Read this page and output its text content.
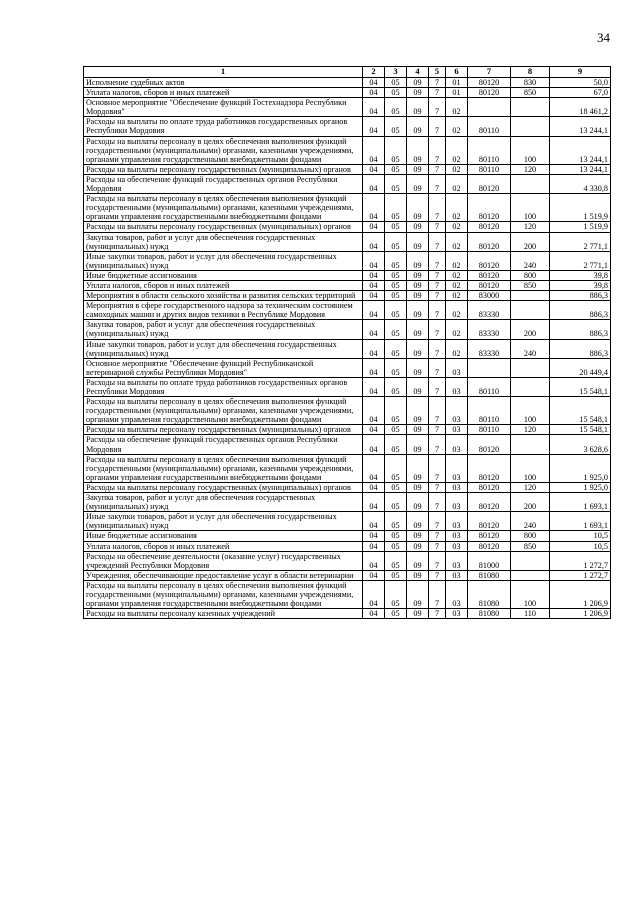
34
1	2	3	4	5	6	7	8	9
Исполнение судебных актов	04	05	09	7	01	80120	830	50,0
Уплата налогов, сборов и иных платежей	04	05	09	7	01	80120	850	67,0
Основное мероприятие "Обеспечение функций Гостехнадзора Республики Мордовия"	04	05	09	7	02			18 461,2
Расходы на выплаты по оплате труда работников государственных органов Республики Мордовия	04	05	09	7	02	80110		13 244,1
Расходы на выплаты персоналу в целях обеспечения выполнения функций государственными (муниципальными) органами, казенными учреждениями, органами управления государственными внебюджетными фондами	04	05	09	7	02	80110	100	13 244,1
Расходы на выплаты персоналу государственных (муниципальных) органов	04	05	09	7	02	80110	120	13 244,1
Расходы на обеспечение функций государственных органов Республики Мордовия	04	05	09	7	02	80120		4 330,8
Расходы на выплаты персоналу в целях обеспечения выполнения функций государственными (муниципальными) органами, казенными учреждениями, органами управления государственными внебюджетными фондами	04	05	09	7	02	80120	100	1 519,9
Расходы на выплаты персоналу государственных (муниципальных) органов	04	05	09	7	02	80120	120	1 519,9
Закупка товаров, работ и услуг для обеспечения государственных (муниципальных) нужд	04	05	09	7	02	80120	200	2 771,1
Иные закупки товаров, работ и услуг для обеспечения государственных (муниципальных) нужд	04	05	09	7	02	80120	240	2 771,1
Иные бюджетные ассигнования	04	05	09	7	02	80120	800	39,8
Уплата налогов, сборов и иных платежей	04	05	09	7	02	80120	850	39,8
Мероприятия в области сельского хозяйства и развития сельских территорий	04	05	09	7	02	83000		886,3
Мероприятия в сфере государственного надзора за техническим состоянием самоходных машин и других видов техники в Республике Мордовия	04	05	09	7	02	83330		886,3
Закупка товаров, работ и услуг для обеспечения государственных (муниципальных) нужд	04	05	09	7	02	83330	200	886,3
Иные закупки товаров, работ и услуг для обеспечения государственных (муниципальных) нужд	04	05	09	7	02	83330	240	886,3
Основное мероприятие "Обеспечение функций Республиканской ветеринарной службы Республики Мордовия"	04	05	09	7	03			20 449,4
Расходы на выплаты по оплате труда работников государственных органов Республики Мордовия	04	05	09	7	03	80110		15 548,1
Расходы на выплаты персоналу в целях обеспечения выполнения функций государственными (муниципальными) органами, казенными учреждениями, органами управления государственными внебюджетными фондами	04	05	09	7	03	80110	100	15 548,1
Расходы на выплаты персоналу государственных (муниципальных) органов	04	05	09	7	03	80110	120	15 548,1
Расходы на обеспечение функций государственных органов Республики Мордовия	04	05	09	7	03	80120		3 628,6
Расходы на выплаты персоналу в целях обеспечения выполнения функций государственными (муниципальными) органами, казенными учреждениями, органами управления государственными внебюджетными фондами	04	05	09	7	03	80120	100	1 925,0
Расходы на выплаты персоналу государственных (муниципальных) органов	04	05	09	7	03	80120	120	1 925,0
Закупка товаров, работ и услуг для обеспечения государственных (муниципальных) нужд	04	05	09	7	03	80120	200	1 693,1
Иные закупки товаров, работ и услуг для обеспечения государственных (муниципальных) нужд	04	05	09	7	03	80120	240	1 693,1
Иные бюджетные ассигнования	04	05	09	7	03	80120	800	10,5
Уплата налогов, сборов и иных платежей	04	05	09	7	03	80120	850	10,5
Расходы на обеспечение деятельности (оказание услуг) государственных учреждений Республики Мордовия	04	05	09	7	03	81000		1 272,7
Учреждения, обеспечивающие предоставление услуг в области ветеринарии	04	05	09	7	03	81080		1 272,7
Расходы на выплаты персоналу в целях обеспечения выполнения функций государственными (муниципальными) органами, казенными учреждениями, органами управления государственными внебюджетными фондами	04	05	09	7	03	81080	100	1 206,9
Расходы на выплаты персоналу казенных учреждений	04	05	09	7	03	81080	110	1 206,9
